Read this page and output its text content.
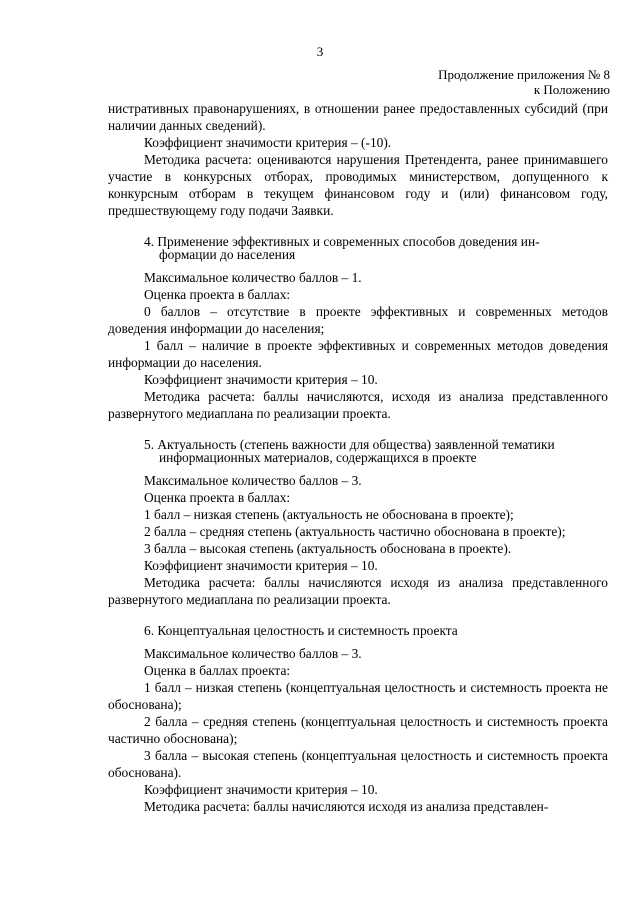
3
Продолжение приложения № 8
к Положению

нистративных правонарушениях, в отношении ранее предоставленных субсидий (при наличии данных сведений).

Коэффициент значимости критерия – (-10).

Методика расчета: оцениваются нарушения Претендента, ранее принимавшего участие в конкурсных отборах, проводимых министерством, допущенного к конкурсным отборам в текущем финансовом году и (или) финансовом году, предшествующему году подачи Заявки.

4. Применение эффективных и современных способов доведения ин-
формации до населения

Максимальное количество баллов – 1.

Оценка проекта в баллах:

0 баллов – отсутствие в проекте эффективных и современных методов доведения информации до населения;

1 балл – наличие в проекте эффективных и современных методов доведения информации до населения.

Коэффициент значимости критерия – 10.

Методика расчета: баллы начисляются, исходя из анализа представленного развернутого медиаплана по реализации проекта.

5. Актуальность (степень важности для общества) заявленной тематики
информационных материалов, содержащихся в проекте

Максимальное количество баллов – 3.

Оценка проекта в баллах:

1 балл – низкая степень (актуальность не обоснована в проекте);

2 балла – средняя степень (актуальность частично обоснована в проекте);

3 балла – высокая степень (актуальность обоснована в проекте).

Коэффициент значимости критерия – 10.

Методика расчета: баллы начисляются исходя из анализа представленного развернутого медиаплана по реализации проекта.

6. Концептуальная целостность и системность проекта

Максимальное количество баллов – 3.

Оценка в баллах проекта:

1 балл – низкая степень (концептуальная целостность и системность проекта не обоснована);

2 балла – средняя степень (концептуальная целостность и системность проекта частично обоснована);

3 балла – высокая степень (концептуальная целостность и системность проекта обоснована).

Коэффициент значимости критерия – 10.

Методика расчета: баллы начисляются исходя из анализа представлен-
